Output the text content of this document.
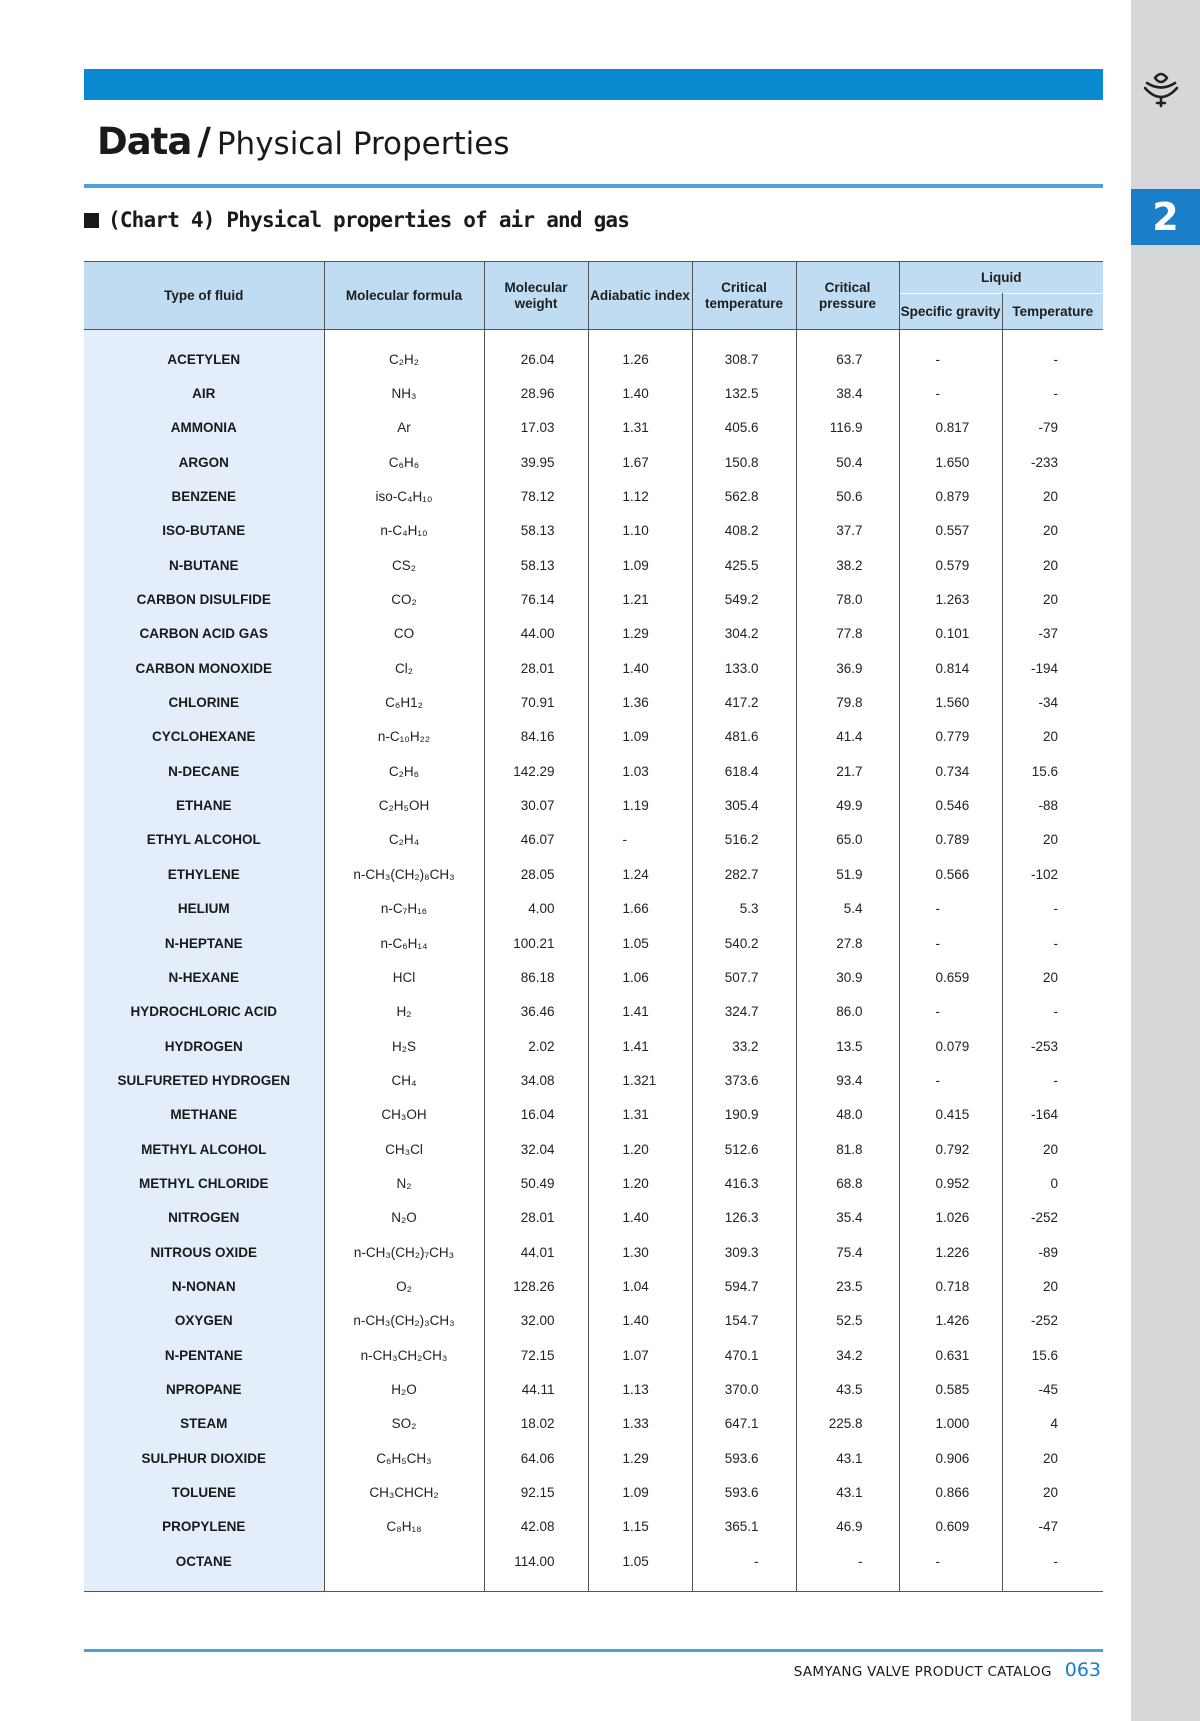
2
Data / Physical Properties
(Chart 4) Physical properties of air and gas
Type of fluid	Molecular formula	Molecular weight	Adiabatic index	Critical temperature	Critical pressure	Liquid	
						Specific gravity	Temperature

ACETYLEN	C₂H₂	26.04	1.26	308.7	63.7	-	-
AIR	NH₃	28.96	1.40	132.5	38.4	-	-
AMMONIA	Ar	17.03	1.31	405.6	116.9	0.817	-79
ARGON	C₆H₆	39.95	1.67	150.8	50.4	1.650	-233
BENZENE	iso-C₄H₁₀	78.12	1.12	562.8	50.6	0.879	20
ISO-BUTANE	n-C₄H₁₀	58.13	1.10	408.2	37.7	0.557	20
N-BUTANE	CS₂	58.13	1.09	425.5	38.2	0.579	20
CARBON DISULFIDE	CO₂	76.14	1.21	549.2	78.0	1.263	20
CARBON ACID GAS	CO	44.00	1.29	304.2	77.8	0.101	-37
CARBON MONOXIDE	Cl₂	28.01	1.40	133.0	36.9	0.814	-194
CHLORINE	C₆H1₂	70.91	1.36	417.2	79.8	1.560	-34
CYCLOHEXANE	n-C₁₀H₂₂	84.16	1.09	481.6	41.4	0.779	20
N-DECANE	C₂H₆	142.29	1.03	618.4	21.7	0.734	15.6
ETHANE	C₂H₅OH	30.07	1.19	305.4	49.9	0.546	-88
ETHYL ALCOHOL	C₂H₄	46.07	-	516.2	65.0	0.789	20
ETHYLENE	n-CH₃(CH₂)₈CH₃	28.05	1.24	282.7	51.9	0.566	-102
HELIUM	n-C₇H₁₆	4.00	1.66	5.3	5.4	-	-
N-HEPTANE	n-C₆H₁₄	100.21	1.05	540.2	27.8	-	-
N-HEXANE	HCl	86.18	1.06	507.7	30.9	0.659	20
HYDROCHLORIC ACID	H₂	36.46	1.41	324.7	86.0	-	-
HYDROGEN	H₂S	2.02	1.41	33.2	13.5	0.079	-253
SULFURETED HYDROGEN	CH₄	34.08	1.321	373.6	93.4	-	-
METHANE	CH₃OH	16.04	1.31	190.9	48.0	0.415	-164
METHYL ALCOHOL	CH₃Cl	32.04	1.20	512.6	81.8	0.792	20
METHYL CHLORIDE	N₂	50.49	1.20	416.3	68.8	0.952	0
NITROGEN	N₂O	28.01	1.40	126.3	35.4	1.026	-252
NITROUS OXIDE	n-CH₃(CH₂)₇CH₃	44.01	1.30	309.3	75.4	1.226	-89
N-NONAN	O₂	128.26	1.04	594.7	23.5	0.718	20
OXYGEN	n-CH₃(CH₂)₃CH₃	32.00	1.40	154.7	52.5	1.426	-252
N-PENTANE	n-CH₃CH₂CH₃	72.15	1.07	470.1	34.2	0.631	15.6
NPROPANE	H₂O	44.11	1.13	370.0	43.5	0.585	-45
STEAM	SO₂	18.02	1.33	647.1	225.8	1.000	4
SULPHUR DIOXIDE	C₆H₅CH₃	64.06	1.29	593.6	43.1	0.906	20
TOLUENE	CH₃CHCH₂	92.15	1.09	593.6	43.1	0.866	20
PROPYLENE	C₈H₁₈	42.08	1.15	365.1	46.9	0.609	-47
OCTANE		114.00	1.05	-	-	-	-

SAMYANG VALVE PRODUCT CATALOG 063
